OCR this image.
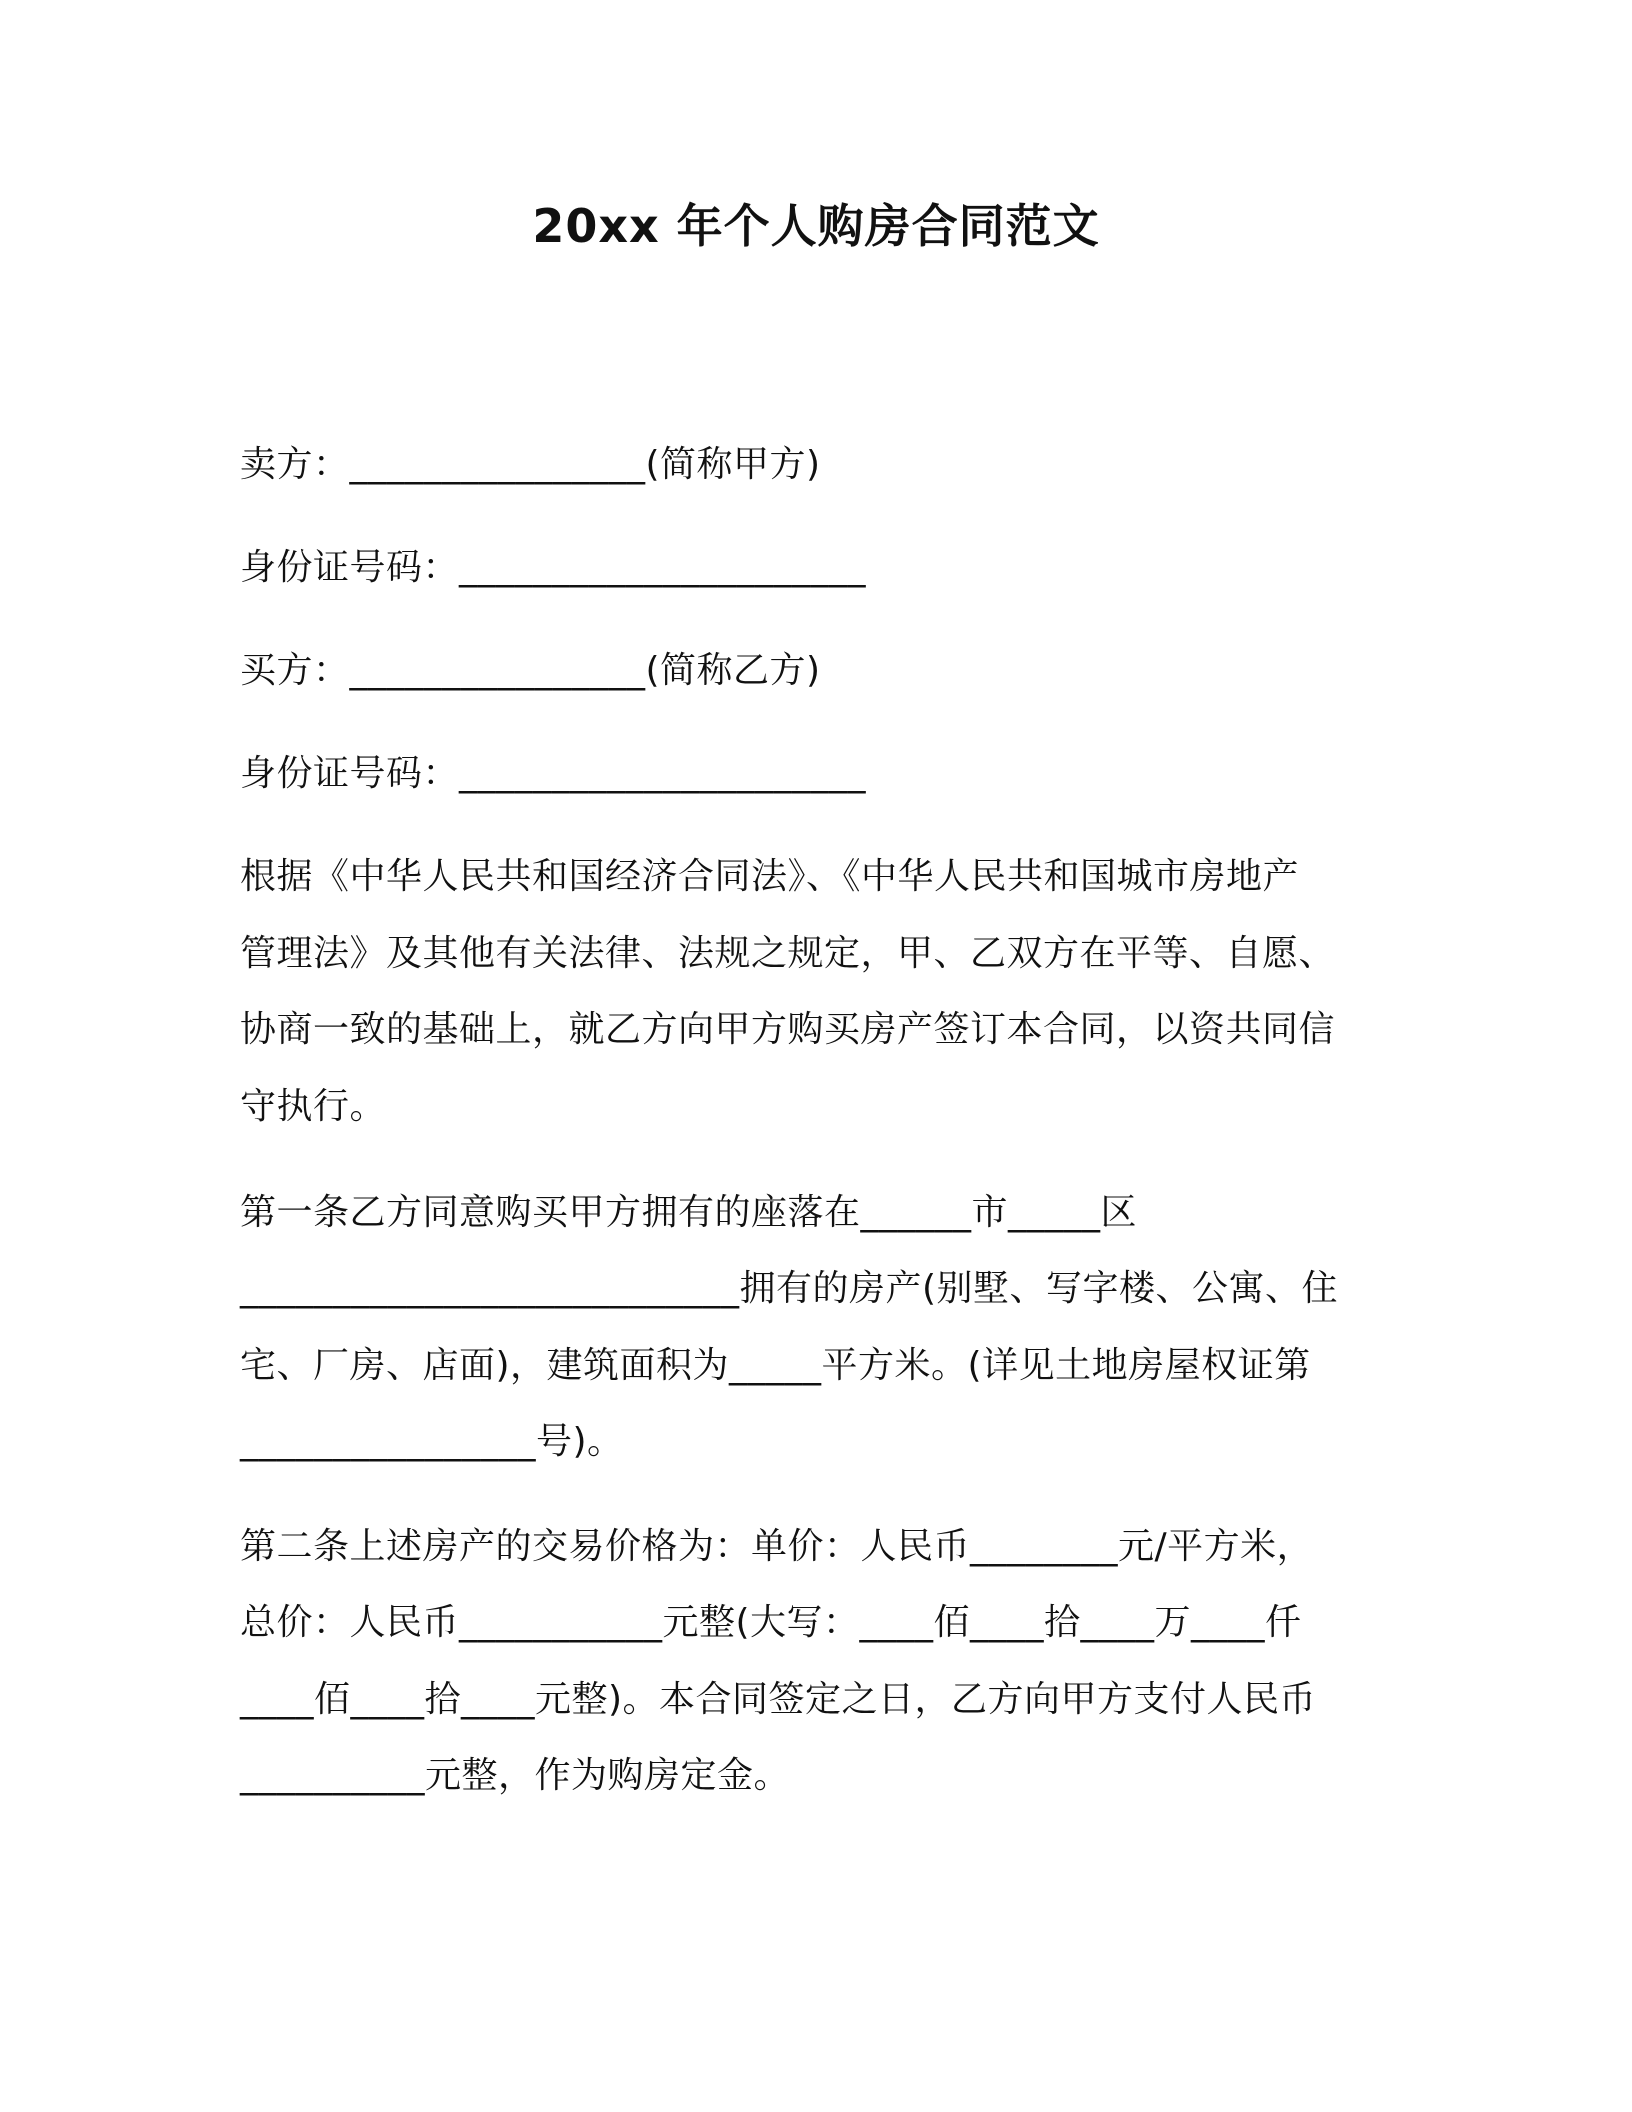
20xx 年个人购房合同范文
卖方：________________(简称甲方)
身份证号码：______________________
买方：________________(简称乙方)
身份证号码：______________________
根据《中华人民共和国经济合同法》、《中华人民共和国城市房地产
管理法》及其他有关法律、法规之规定，甲、乙双方在平等、自愿、
协商一致的基础上，就乙方向甲方购买房产签订本合同，以资共同信
守执行。
第一条乙方同意购买甲方拥有的座落在______市_____区
___________________________拥有的房产(别墅、写字楼、公寓、住
宅、厂房、店面)，建筑面积为_____平方米。(详见土地房屋权证第
________________号)。
第二条上述房产的交易价格为：单价：人民币________元/平方米，
总价：人民币___________元整(大写：____佰____拾____万____仟
____佰____拾____元整)。本合同签定之日，乙方向甲方支付人民币
__________元整，作为购房定金。
